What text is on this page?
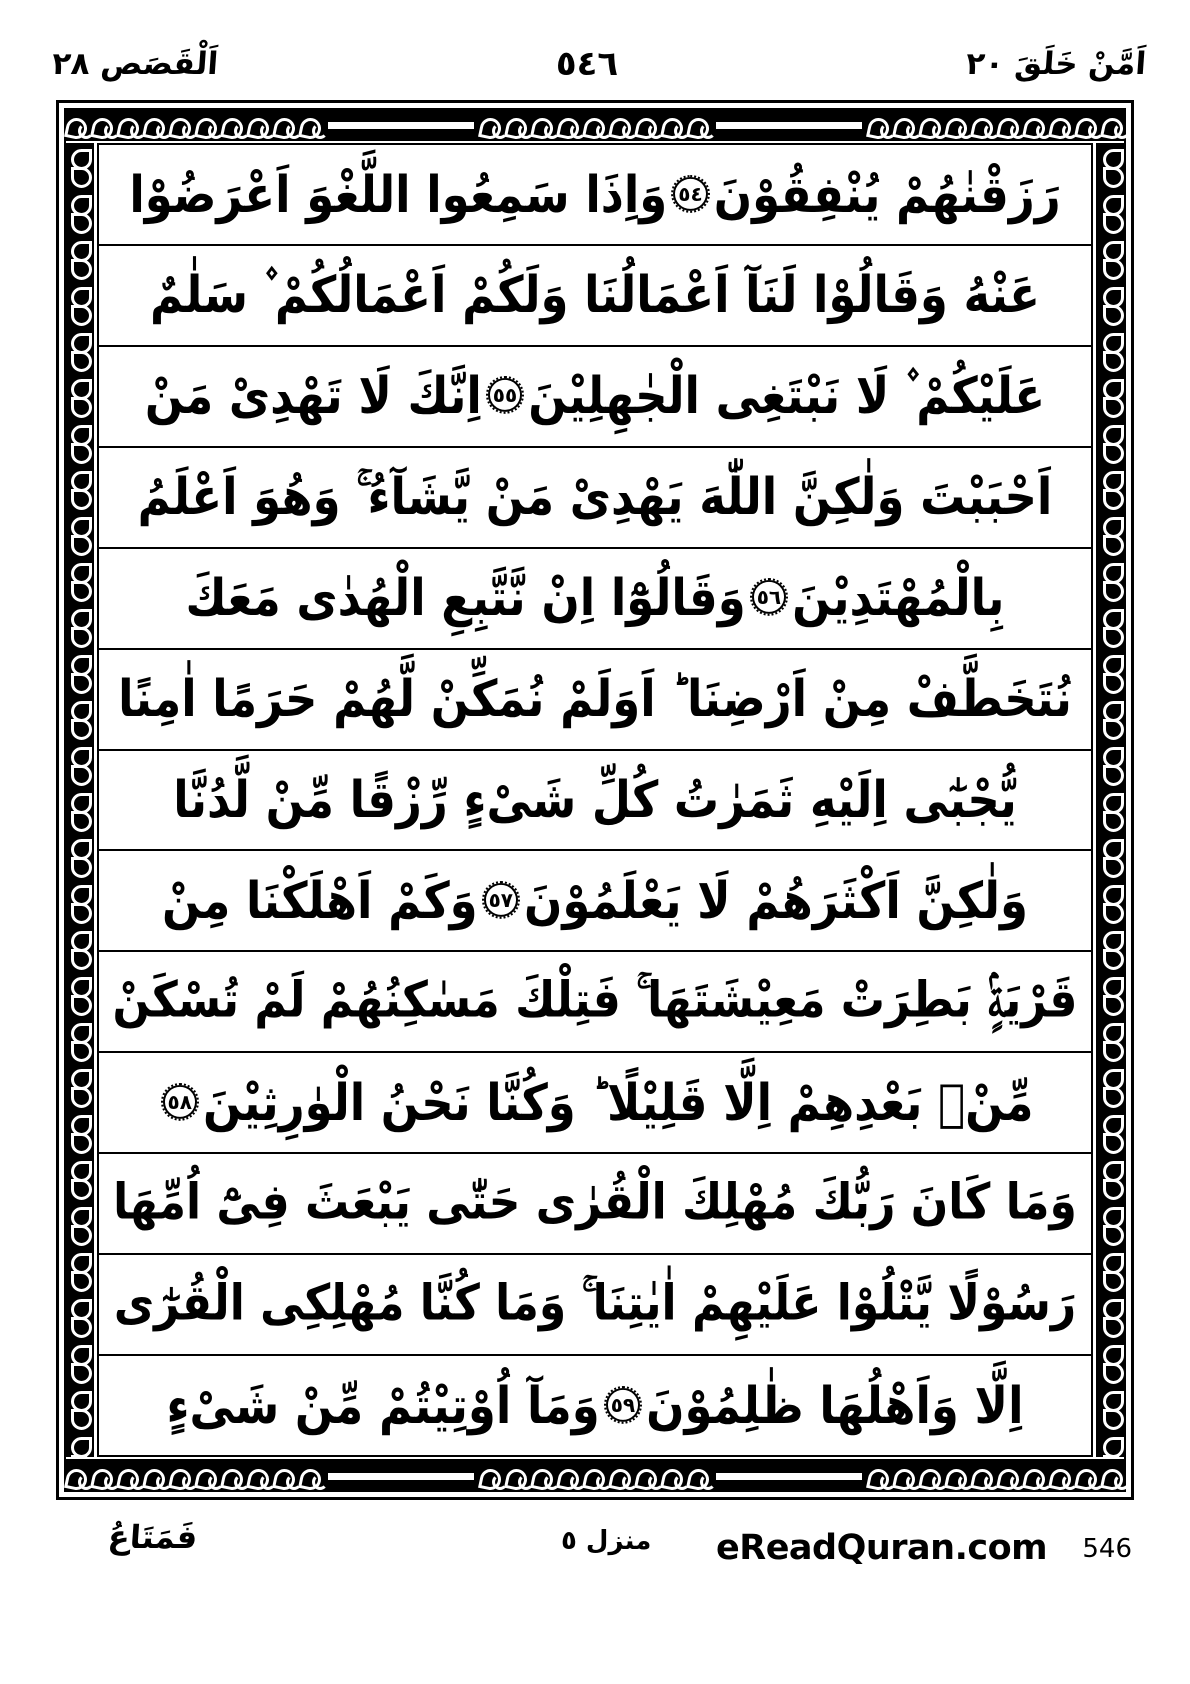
اَلْقَصَص ٢٨	٥٤٦	اَمَّنْ خَلَقَ ٢٠
رَزَقْنٰهُمْ يُنْفِقُوْنَ٥٤وَاِذَا سَمِعُوا اللَّغْوَ اَعْرَضُوْا
عَنْهُ وَقَالُوْا لَنَآ اَعْمَالُنَا وَلَكُمْ اَعْمَالُكُمْ ۫ سَلٰمٌ
عَلَيْكُمْ ۫ لَا نَبْتَغِى الْجٰهِلِيْنَ٥٥اِنَّكَ لَا تَهْدِىْ مَنْ
اَحْبَبْتَ وَلٰكِنَّ اللّٰهَ يَهْدِىْ مَنْ يَّشَآءُ ۚ وَهُوَ اَعْلَمُ
بِالْمُهْتَدِيْنَ٥٦وَقَالُوْٓا اِنْ نَّتَّبِعِ الْهُدٰى مَعَكَ
نُتَخَطَّفْ مِنْ اَرْضِنَا ؕ اَوَلَمْ نُمَكِّنْ لَّهُمْ حَرَمًا اٰمِنًا
يُّجْبٰٓى اِلَيْهِ ثَمَرٰتُ كُلِّ شَىْءٍ رِّزْقًا مِّنْ لَّدُنَّا
وَلٰكِنَّ اَكْثَرَهُمْ لَا يَعْلَمُوْنَ٥٧وَكَمْ اَهْلَكْنَا مِنْ
قَرْيَةٍۢ بَطِرَتْ مَعِيْشَتَهَا ۚ فَتِلْكَ مَسٰكِنُهُمْ لَمْ تُسْكَنْ
مِّنْۢ بَعْدِهِمْ اِلَّا قَلِيْلًا ؕ وَكُنَّا نَحْنُ الْوٰرِثِيْنَ٥٨
وَمَا كَانَ رَبُّكَ مُهْلِكَ الْقُرٰى حَتّٰى يَبْعَثَ فِىْٓ اُمِّهَا
رَسُوْلًا يَّتْلُوْا عَلَيْهِمْ اٰيٰتِنَا ۚ وَمَا كُنَّا مُهْلِكِى الْقُرٰٓى
اِلَّا وَاَهْلُهَا ظٰلِمُوْنَ٥٩وَمَآ اُوْتِيْتُمْ مِّنْ شَىْءٍ
فَمَتَاعُ	منزل ٥ eReadQuran.com 546
